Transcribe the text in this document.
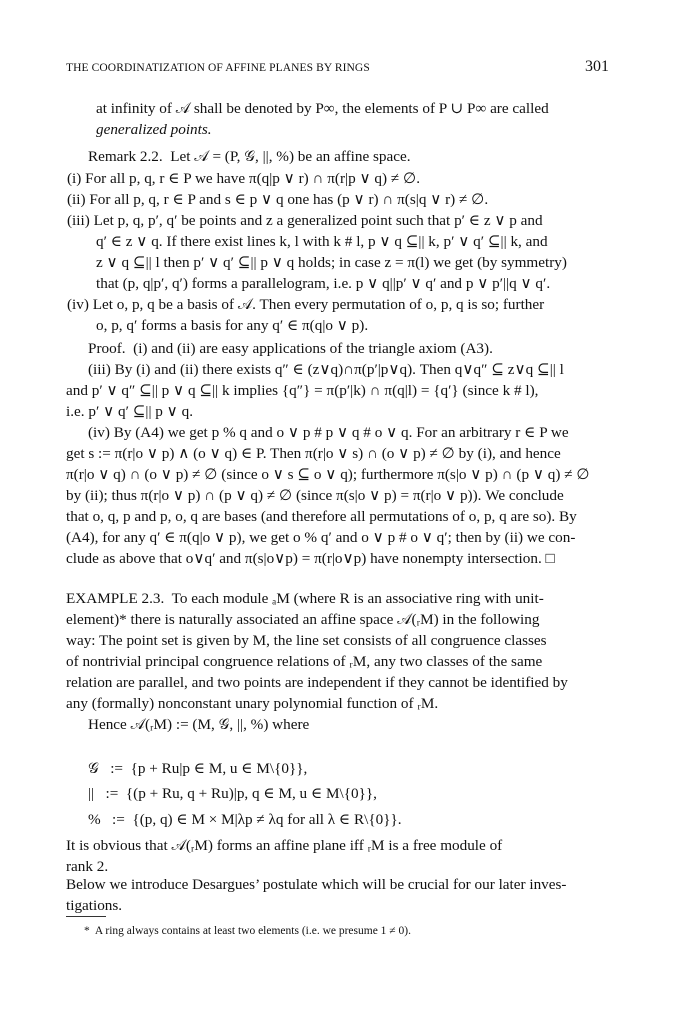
THE COORDINATIZATION OF AFFINE PLANES BY RINGS	301
at infinity of 𝒜 shall be denoted by P∞, the elements of P ∪ P∞ are called
generalized points.
Remark 2.2.  Let 𝒜 = (P, 𝒢, ||, %) be an affine space.
(i) For all p, q, r ∈ P we have π(q|p ∨ r) ∩ π(r|p ∨ q) ≠ ∅.
(ii) For all p, q, r ∈ P and s ∈ p ∨ q one has (p ∨ r) ∩ π(s|q ∨ r) ≠ ∅.
(iii) Let p, q, p′, q′ be points and z a generalized point such that p′ ∈ z ∨ p and
q′ ∈ z ∨ q. If there exist lines k, l with k # l, p ∨ q ⊆|| k, p′ ∨ q′ ⊆|| k, and
z ∨ q ⊆|| l then p′ ∨ q′ ⊆|| p ∨ q holds; in case z = π(l) we get (by symmetry)
that (p, q|p′, q′) forms a parallelogram, i.e. p ∨ q||p′ ∨ q′ and p ∨ p′||q ∨ q′.
(iv) Let o, p, q be a basis of 𝒜. Then every permutation of o, p, q is so; further
o, p, q′ forms a basis for any q′ ∈ π(q|o ∨ p).
Proof.  (i) and (ii) are easy applications of the triangle axiom (A3).
(iii) By (i) and (ii) there exists q″ ∈ (z∨q)∩π(p′|p∨q). Then q∨q″ ⊆ z∨q ⊆|| l
and p′ ∨ q″ ⊆|| p ∨ q ⊆|| k implies {q″} = π(p′|k) ∩ π(q|l) = {q′} (since k # l),
i.e. p′ ∨ q′ ⊆|| p ∨ q.
(iv) By (A4) we get p % q and o ∨ p # p ∨ q # o ∨ q. For an arbitrary r ∈ P we
get s := π(r|o ∨ p) ∧ (o ∨ q) ∈ P. Then π(r|o ∨ s) ∩ (o ∨ p) ≠ ∅ by (i), and hence
π(r|o ∨ q) ∩ (o ∨ p) ≠ ∅ (since o ∨ s ⊆ o ∨ q); furthermore π(s|o ∨ p) ∩ (p ∨ q) ≠ ∅
by (ii); thus π(r|o ∨ p) ∩ (p ∨ q) ≠ ∅ (since π(s|o ∨ p) = π(r|o ∨ p)). We conclude
that o, q, p and p, o, q are bases (and therefore all permutations of o, p, q are so). By
(A4), for any q′ ∈ π(q|o ∨ p), we get o % q′ and o ∨ p # o ∨ q′; then by (ii) we con-
clude as above that o∨q′ and π(s|o∨p) = π(r|o∨p) have nonempty intersection. □
EXAMPLE 2.3.  To each module ₐM (where R is an associative ring with unit-
element)* there is naturally associated an affine space 𝒜(ᵣM) in the following
way: The point set is given by M, the line set consists of all congruence classes
of nontrivial principal congruence relations of ᵣM, any two classes of the same
relation are parallel, and two points are independent if they cannot be identified by
any (formally) nonconstant unary polynomial function of ᵣM.
Hence 𝒜(ᵣM) := (M, 𝒢, ||, %) where
𝒢   :=  {p + Ru|p ∈ M, u ∈ M\{0}},
||   :=  {(p + Ru, q + Ru)|p, q ∈ M, u ∈ M\{0}},
%   :=  {(p, q) ∈ M × M|λp ≠ λq for all λ ∈ R\{0}}.
It is obvious that 𝒜(ᵣM) forms an affine plane iff ᵣM is a free module of
rank 2.
Below we introduce Desargues’ postulate which will be crucial for our later inves-
tigations.
*  A ring always contains at least two elements (i.e. we presume 1 ≠ 0).
